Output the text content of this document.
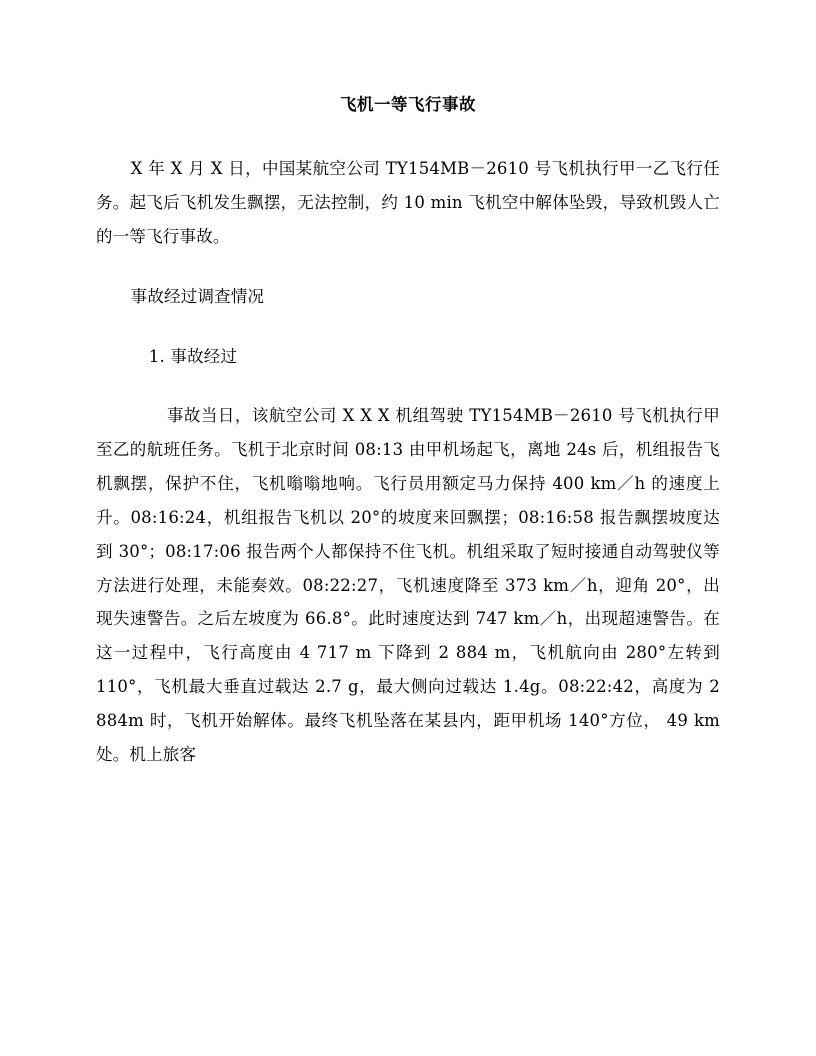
飞机一等飞行事故

X 年 X 月 X 日，中国某航空公司 TY154MB－2610 号飞机执行甲一乙飞行任务。起飞后飞机发生飘摆，无法控制，约 10 min 飞机空中解体坠毁，导致机毁人亡的一等飞行事故。

事故经过调查情况

1. 事故经过

事故当日，该航空公司 X X X 机组驾驶 TY154MB－2610 号飞机执行甲至乙的航班任务。飞机于北京时间 08:13 由甲机场起飞，离地 24s 后，机组报告飞机飘摆，保护不住，飞机嗡嗡地响。飞行员用额定马力保持 400 km／h 的速度上升。08:16:24，机组报告飞机以 20°的坡度来回飘摆；08:16:58 报告飘摆坡度达到 30°；08:17:06 报告两个人都保持不住飞机。机组采取了短时接通自动驾驶仪等方法进行处理，未能奏效。08:22:27，飞机速度降至 373 km／h，迎角 20°，出现失速警告。之后左坡度为 66.8°。此时速度达到 747 km／h，出现超速警告。在这一过程中，飞行高度由 4 717 m 下降到 2 884 m，飞机航向由 280°左转到 110°，飞机最大垂直过载达 2.7 g，最大侧向过载达 1.4g。08:22:42，高度为 2 884m 时，飞机开始解体。最终飞机坠落在某县内，距甲机场 140°方位， 49 km 处。机上旅客
